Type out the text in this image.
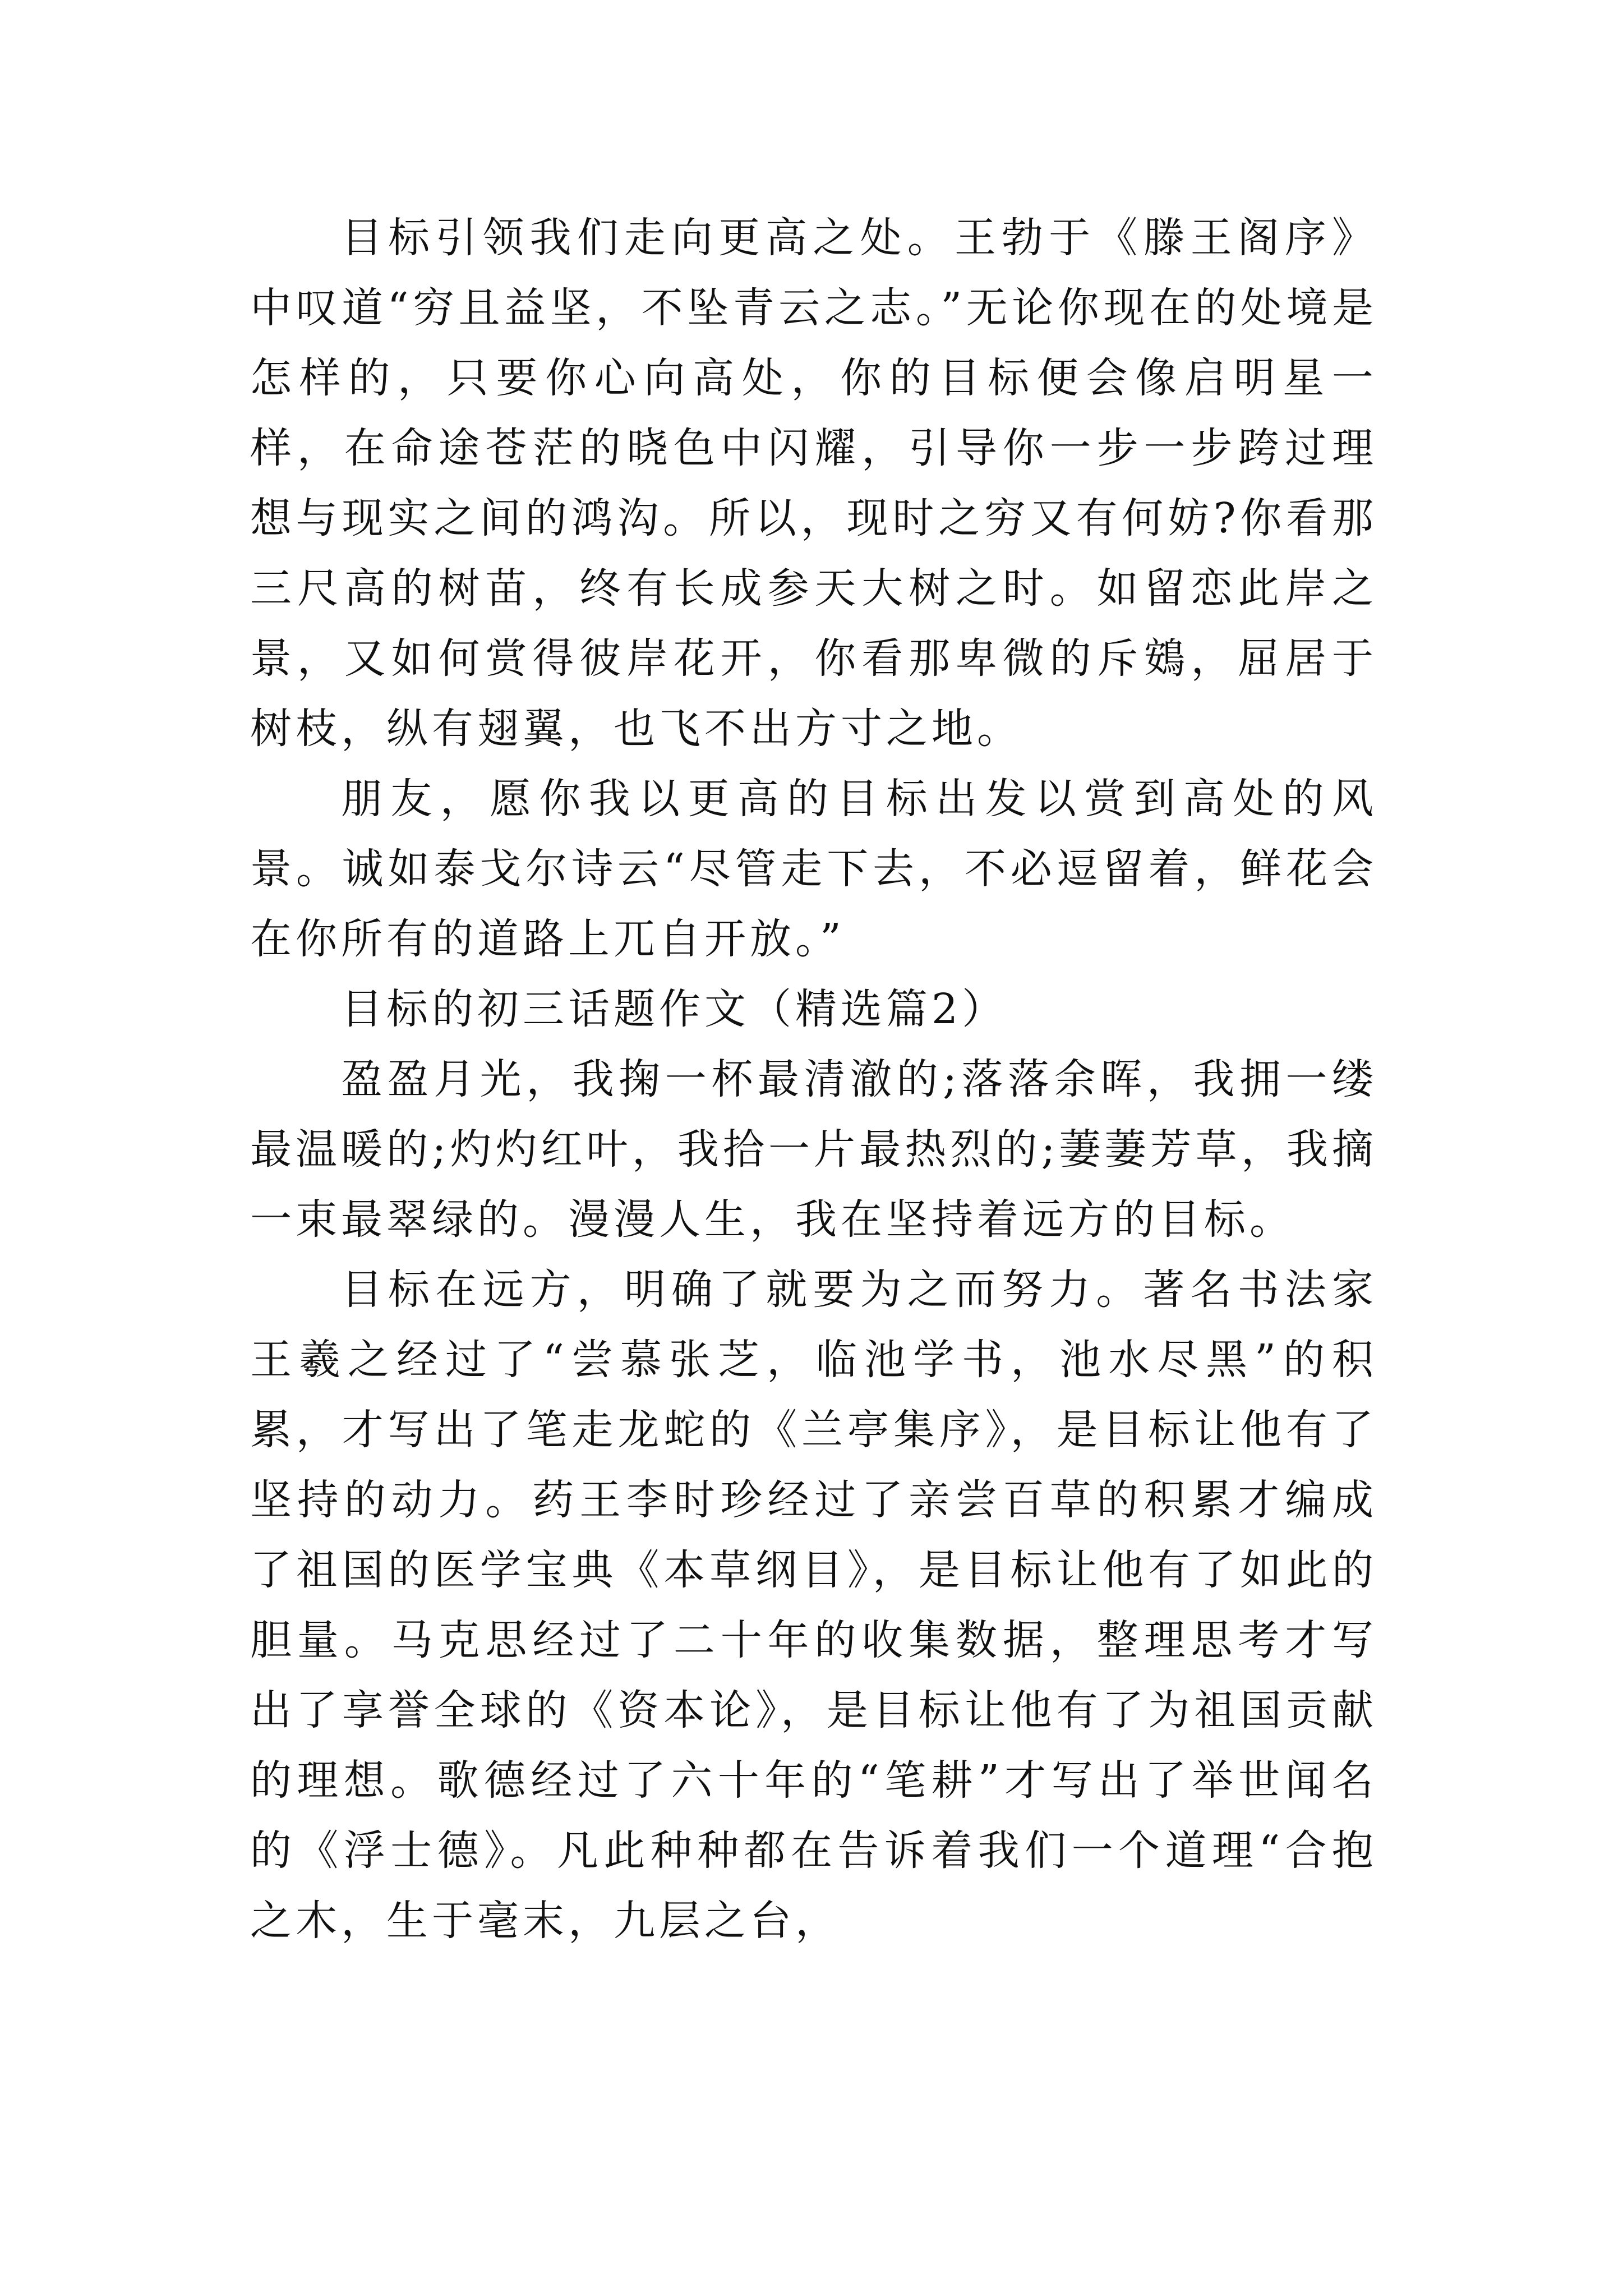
目标引领我们走向更高之处。王勃于《滕王阁序》中叹道“穷且益坚，不坠青云之志。”无论你现在的处境是怎样的，只要你心向高处，你的目标便会像启明星一样，在命途苍茫的晓色中闪耀，引导你一步一步跨过理想与现实之间的鸿沟。所以，现时之穷又有何妨?你看那三尺高的树苗，终有长成参天大树之时。如留恋此岸之景，又如何赏得彼岸花开，你看那卑微的斥鴳，屈居于树枝，纵有翅翼，也飞不出方寸之地。

朋友，愿你我以更高的目标出发以赏到高处的风景。诚如泰戈尔诗云“尽管走下去，不必逗留着，鲜花会在你所有的道路上兀自开放。”

目标的初三话题作文（精选篇2）

盈盈月光，我掬一杯最清澈的;落落余晖，我拥一缕最温暖的;灼灼红叶，我拾一片最热烈的;萋萋芳草，我摘一束最翠绿的。漫漫人生，我在坚持着远方的目标。

目标在远方，明确了就要为之而努力。著名书法家王羲之经过了“尝慕张芝，临池学书，池水尽黑”的积累，才写出了笔走龙蛇的《兰亭集序》，是目标让他有了坚持的动力。药王李时珍经过了亲尝百草的积累才编成了祖国的医学宝典《本草纲目》，是目标让他有了如此的胆量。马克思经过了二十年的收集数据，整理思考才写出了享誉全球的《资本论》，是目标让他有了为祖国贡献的理想。歌德经过了六十年的“笔耕”才写出了举世闻名的《浮士德》。凡此种种都在告诉着我们一个道理“合抱之木，生于毫末，九层之台，
